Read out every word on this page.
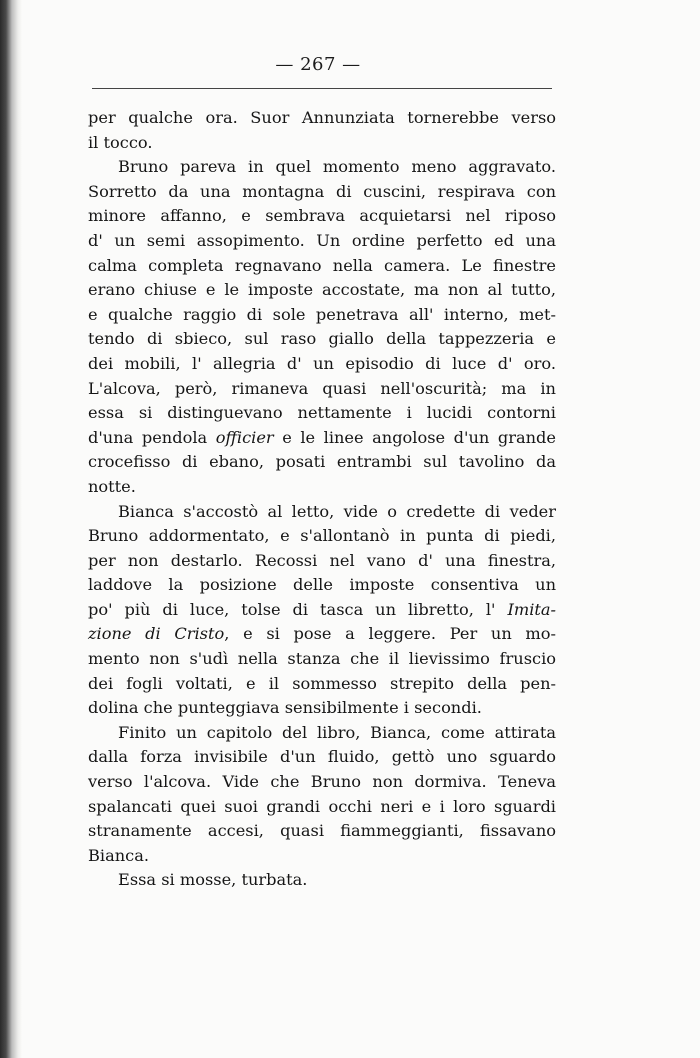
— 267 —
per qualche ora. Suor Annunziata tornerebbe verso
il tocco.
Bruno pareva in quel momento meno aggravato.
Sorretto da una montagna di cuscini, respirava con
minore affanno, e sembrava acquietarsi nel riposo
d' un semi assopimento. Un ordine perfetto ed una
calma completa regnavano nella camera. Le finestre
erano chiuse e le imposte accostate, ma non al tutto,
e qualche raggio di sole penetrava all' interno, met-
tendo di sbieco, sul raso giallo della tappezzeria e
dei mobili, l' allegria d' un episodio di luce d' oro.
L'alcova, però, rimaneva quasi nell'oscurità; ma in
essa si distinguevano nettamente i lucidi contorni
d'una pendola officier e le linee angolose d'un grande
crocefisso di ebano, posati entrambi sul tavolino da
notte.
Bianca s'accostò al letto, vide o credette di veder
Bruno addormentato, e s'allontanò in punta di piedi,
per non destarlo. Recossi nel vano d' una finestra,
laddove la posizione delle imposte consentiva un
po' più di luce, tolse di tasca un libretto, l' Imita-
zione di Cristo, e si pose a leggere. Per un mo-
mento non s'udì nella stanza che il lievissimo fruscio
dei fogli voltati, e il sommesso strepito della pen-
dolina che punteggiava sensibilmente i secondi.
Finito un capitolo del libro, Bianca, come attirata
dalla forza invisibile d'un fluido, gettò uno sguardo
verso l'alcova. Vide che Bruno non dormiva. Teneva
spalancati quei suoi grandi occhi neri e i loro sguardi
stranamente accesi, quasi fiammeggianti, fissavano
Bianca.
Essa si mosse, turbata.
